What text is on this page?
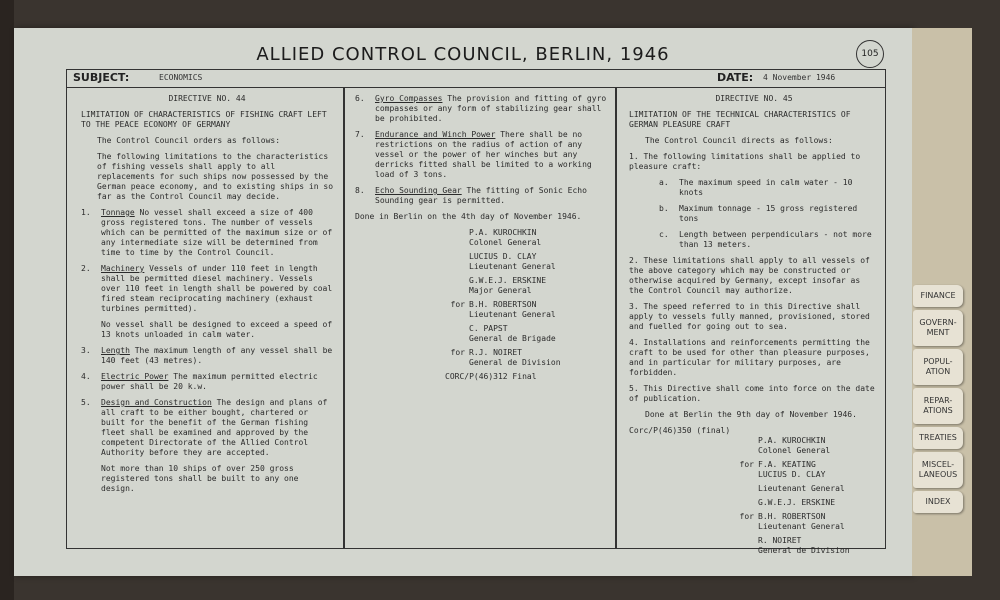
ALLIED CONTROL COUNCIL, BERLIN, 1946	105
SUBJECT:	ECONOMICS	DATE: 4 November 1946

DIRECTIVE NO. 44

LIMITATION OF CHARACTERISTICS OF FISHING CRAFT LEFT TO THE PEACE ECONOMY OF GERMANY

The Control Council orders as follows:

The following limitations to the characteristics of fishing vessels shall apply to all replacements for such ships now possessed by the German peace economy, and to existing ships in so far as the Control Council may decide.

1.	Tonnage No vessel shall exceed a size of 400 gross registered tons. The number of vessels which can be permitted of the maximum size or of any intermediate size will be determined from time to time by the Control Council.
2.	Machinery Vessels of under 110 feet in length shall be permitted diesel machinery. Vessels over 110 feet in length shall be powered by coal fired steam reciprocating machinery (exhaust turbines permitted).
No vessel shall be designed to exceed a speed of 13 knots unloaded in calm water.
3.	Length The maximum length of any vessel shall be 140 feet (43 metres).
4.	Electric Power The maximum permitted electric power shall be 20 k.w.
5.	Design and Construction The design and plans of all craft to be either bought, chartered or built for the benefit of the German fishing fleet shall be examined and approved by the competent Directorate of the Allied Control Authority before they are accepted.
Not more than 10 ships of over 250 gross registered tons shall be built to any one design.
6.	Gyro Compasses The provision and fitting of gyro compasses or any form of stabilizing gear shall be prohibited.
7.	Endurance and Winch Power There shall be no restrictions on the radius of action of any vessel or the power of her winches but any derricks fitted shall be limited to a working load of 3 tons.
8.	Echo Sounding Gear The fitting of Sonic Echo Sounding gear is permitted.

Done in Berlin on the 4th day of November 1946.

P.A. KUROCHKIN
Colonel General
LUCIUS D. CLAY
Lieutenant General
G.W.E.J. ERSKINE
Major General
for B.H. ROBERTSON
Lieutenant General
C. PAPST
General de Brigade
for R.J. NOIRET
General de Division

CORC/P(46)312 Final

DIRECTIVE NO. 45

LIMITATION OF THE TECHNICAL CHARACTERISTICS OF GERMAN PLEASURE CRAFT

The Control Council directs as follows:

1. The following limitations shall be applied to pleasure craft:

a.	The maximum speed in calm water - 10 knots
b.	Maximum tonnage - 15 gross registered tons
c.	Length between perpendiculars - not more than 13 meters.

2. These limitations shall apply to all vessels of the above category which may be constructed or otherwise acquired by Germany, except insofar as the Control Council may authorize.

3. The speed referred to in this Directive shall apply to vessels fully manned, provisioned, stored and fuelled for going out to sea.

4. Installations and reinforcements permitting the craft to be used for other than pleasure purposes, and in particular for military purposes, are forbidden.

5. This Directive shall come into force on the date of publication.

Done at Berlin the 9th day of November 1946.

Corc/P(46)350 (final)

P.A. KUROCHKIN
Colonel General
for F.A. KEATING
LUCIUS D. CLAY
Lieutenant General
G.W.E.J. ERSKINE
for B.H. ROBERTSON
Lieutenant General
R. NOIRET
General de Division
FINANCE
GOVERN-MENT
POPUL-ATION
REPAR-ATIONS
TREATIES
MISCEL-LANEOUS
INDEX
